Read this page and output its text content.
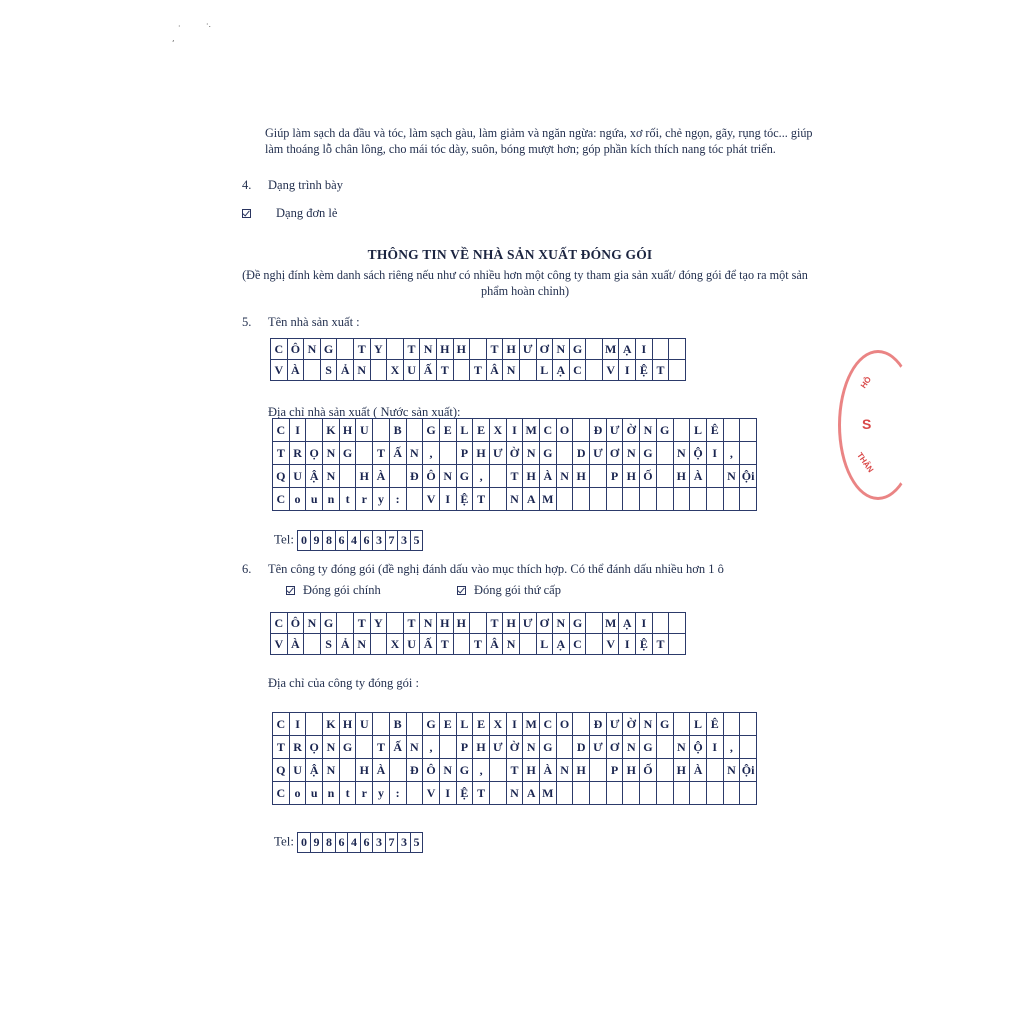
·	·.
,
Giúp làm sạch da đầu và tóc, làm sạch gàu, làm giảm và ngăn ngừa: ngứa, xơ rối, chẻ ngọn, gãy, rụng tóc... giúp làm thoáng lỗ chân lông, cho mái tóc dày, suôn, bóng mượt hơn; góp phần kích thích nang tóc phát triển.
4. Dạng trình bày
Dạng đơn lẻ
THÔNG TIN VỀ NHÀ SẢN XUẤT ĐÓNG GÓI
(Đề nghị đính kèm danh sách riêng nếu như có nhiều hơn một công ty tham gia sản xuất/ đóng gói để tạo ra một sản phẩm hoàn chỉnh)
5. Tên nhà sản xuất :
C	Ô	N	G		T	Y		T	N	H	H		T	H	Ư	Ơ	N	G		M	Ạ	I		
V	À		S	Ả	N		X	U	Ấ	T		T	Â	N		L	Ạ	C		V	I	Ệ	T	
Địa chỉ nhà sản xuất ( Nước sản xuất):
C	I		K	H	U		B		G	E	L	E	X	I	M	C	O		Đ	Ư	Ờ	N	G		L	Ê		
T	R	Ọ	N	G		T	Ấ	N	,		P	H	Ư	Ờ	N	G		D	Ư	Ơ	N	G		N	Ộ	I	,	
Q	U	Ậ	N		H	À		Đ	Ô	N	G	,		T	H	À	N	H		P	H	Ố		H	À		N	Ội
C	o	u	n	t	r	y	:		V	I	Ệ	T		N	A	M												
Tel: 0	9	8	6	4	6	3	7	3	5
6. Tên công ty đóng gói (đề nghị đánh dấu vào mục thích hợp. Có thể đánh dấu nhiều hơn 1 ô
Đóng gói chính	Đóng gói thứ cấp
C	Ô	N	G		T	Y		T	N	H	H		T	H	Ư	Ơ	N	G		M	Ạ	I		
V	À		S	Ả	N		X	U	Ấ	T		T	Â	N		L	Ạ	C		V	I	Ệ	T	
Địa chỉ của công ty đóng gói :
C	I		K	H	U		B		G	E	L	E	X	I	M	C	O		Đ	Ư	Ờ	N	G		L	Ê		
T	R	Ọ	N	G		T	Ấ	N	,		P	H	Ư	Ờ	N	G		D	Ư	Ơ	N	G		N	Ộ	I	,	
Q	U	Ậ	N		H	À		Đ	Ô	N	G	,		T	H	À	N	H		P	H	Ố		H	À		N	Ội
C	o	u	n	t	r	y	:		V	I	Ệ	T		N	A	M												
Tel: 0	9	8	6	4	6	3	7	3	5
S
HÔ
THÂN
